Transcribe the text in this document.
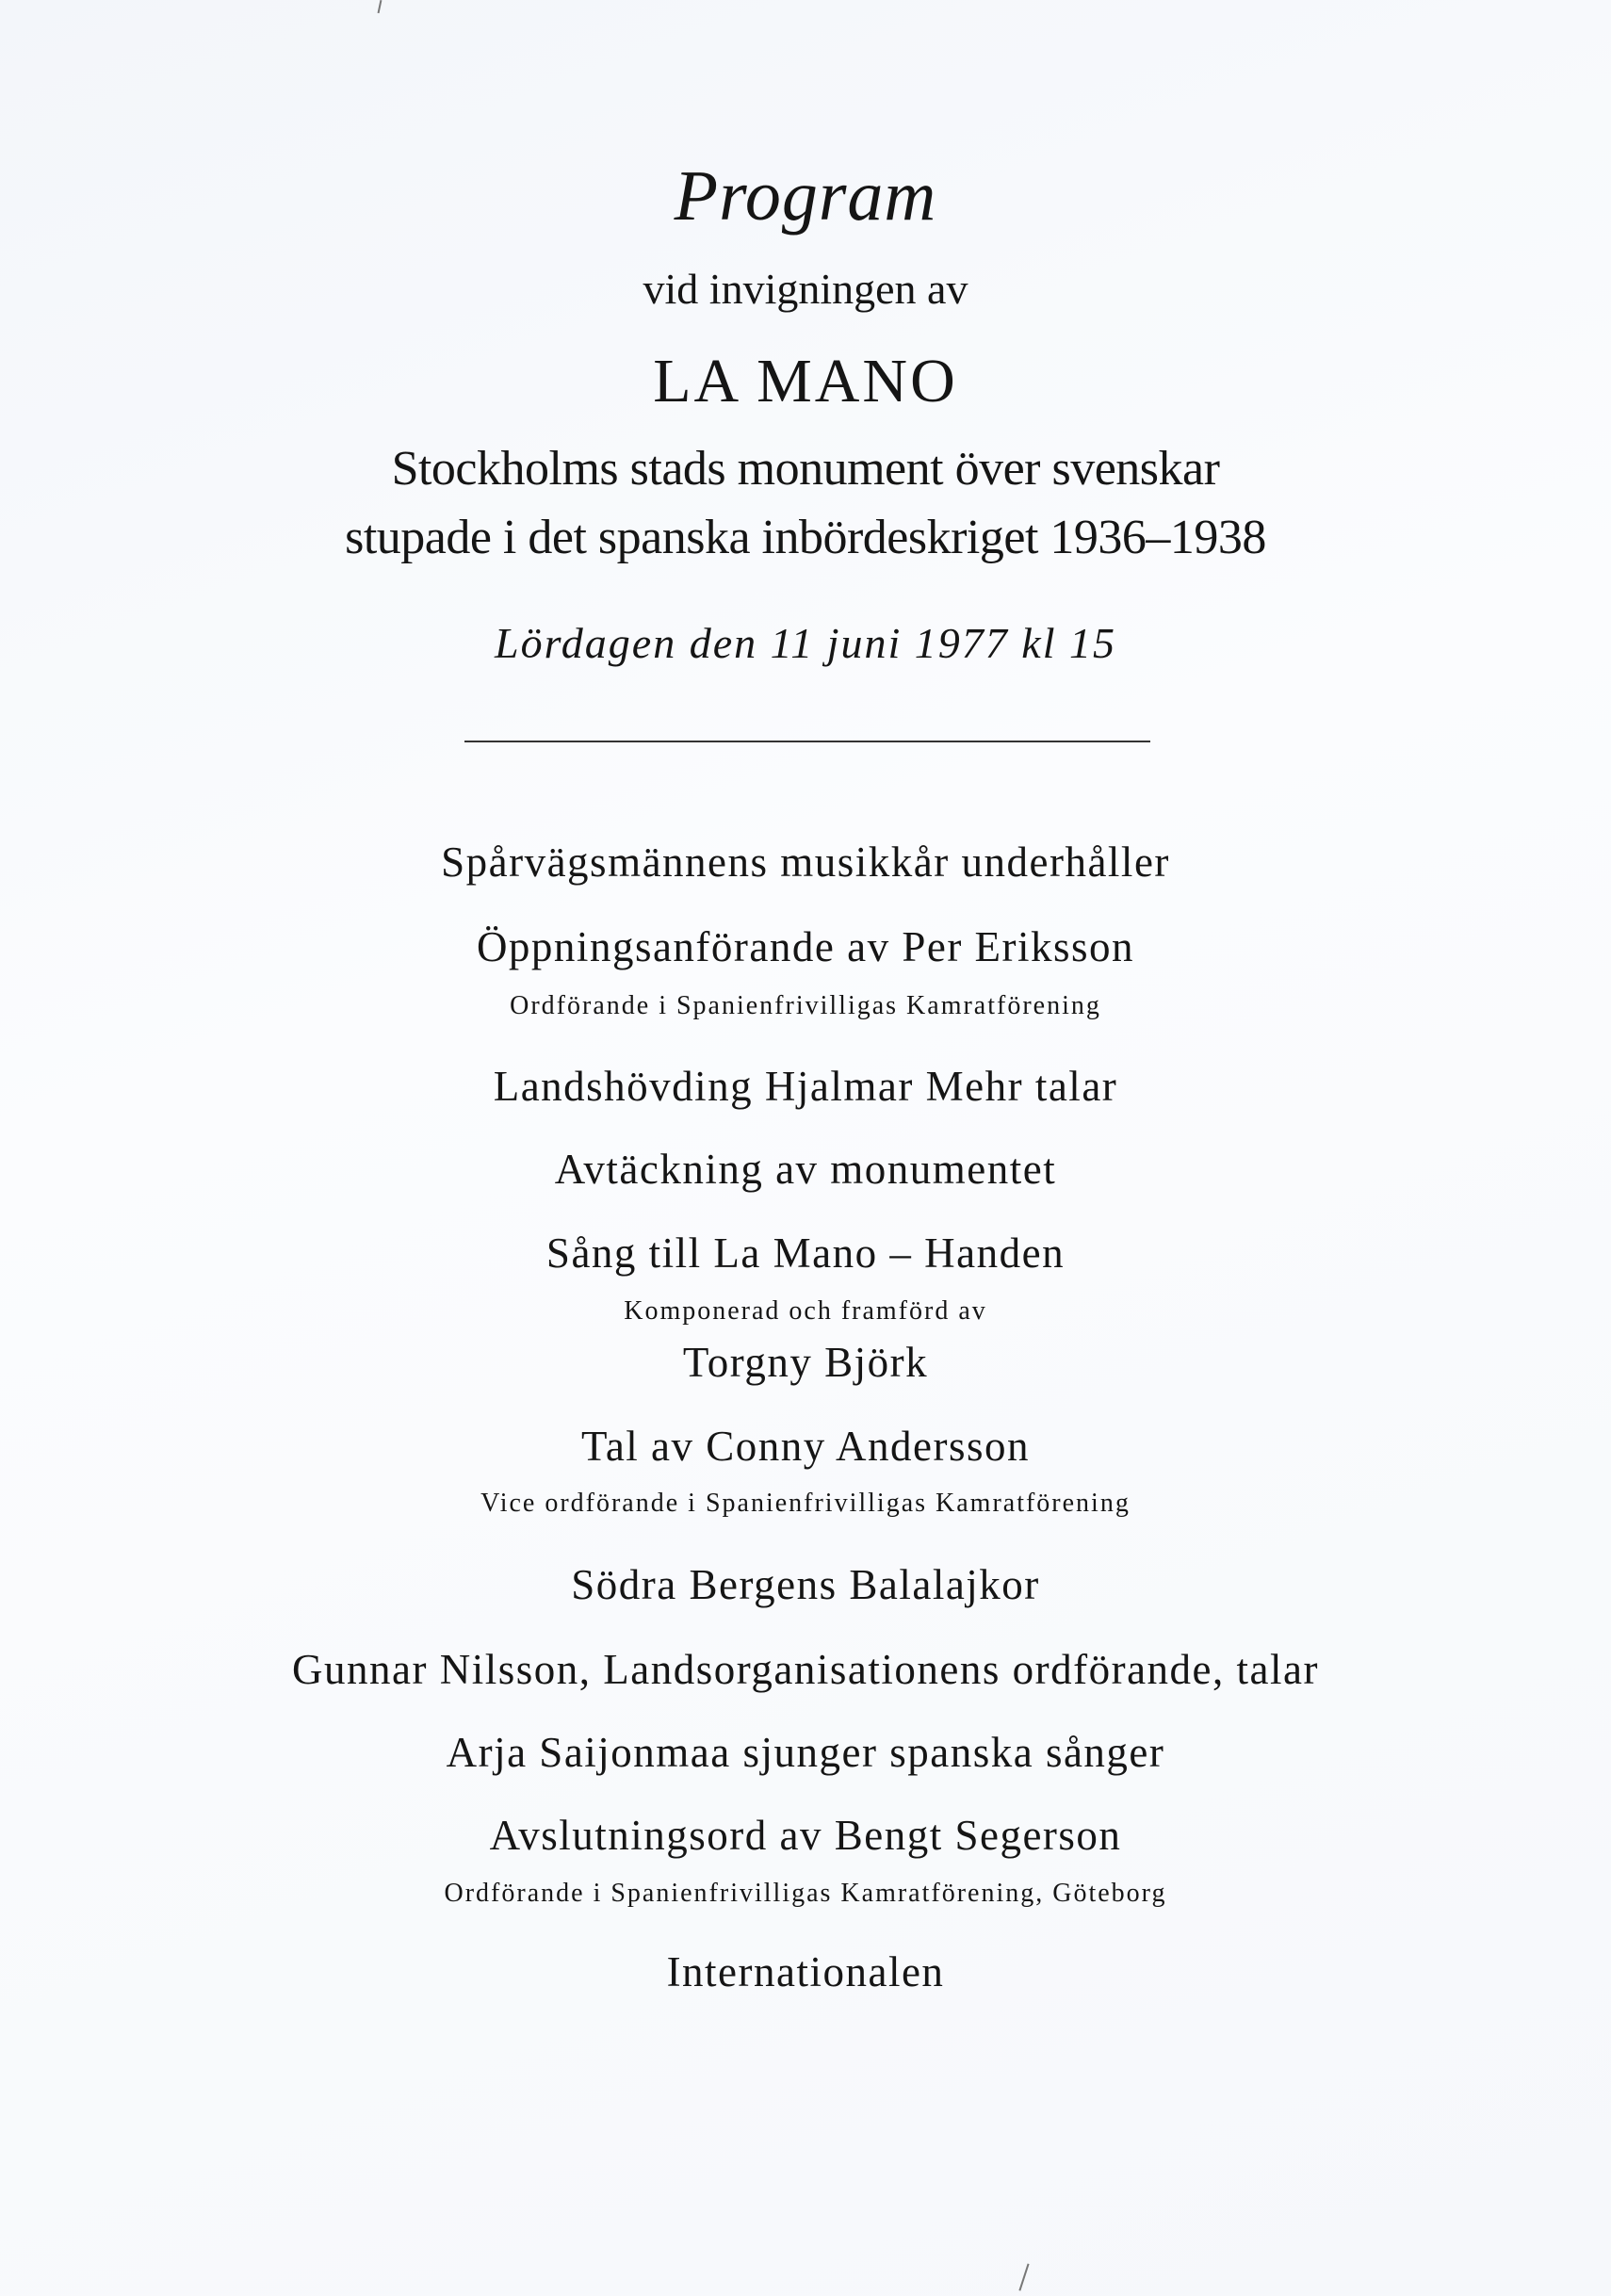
Program
vid invigningen av
LA MANO
Stockholms stads monument över svenskar
stupade i det spanska inbördeskriget 1936–1938
Lördagen den 11 juni 1977 kl 15
Spårvägsmännens musikkår underhåller
Öppningsanförande av Per Eriksson
Ordförande i Spanienfrivilligas Kamratförening
Landshövding Hjalmar Mehr talar
Avtäckning av monumentet
Sång till La Mano – Handen
Komponerad och framförd av
Torgny Björk
Tal av Conny Andersson
Vice ordförande i Spanienfrivilligas Kamratförening
Södra Bergens Balalajkor
Gunnar Nilsson, Landsorganisationens ordförande, talar
Arja Saijonmaa sjunger spanska sånger
Avslutningsord av Bengt Segerson
Ordförande i Spanienfrivilligas Kamratförening, Göteborg
Internationalen
